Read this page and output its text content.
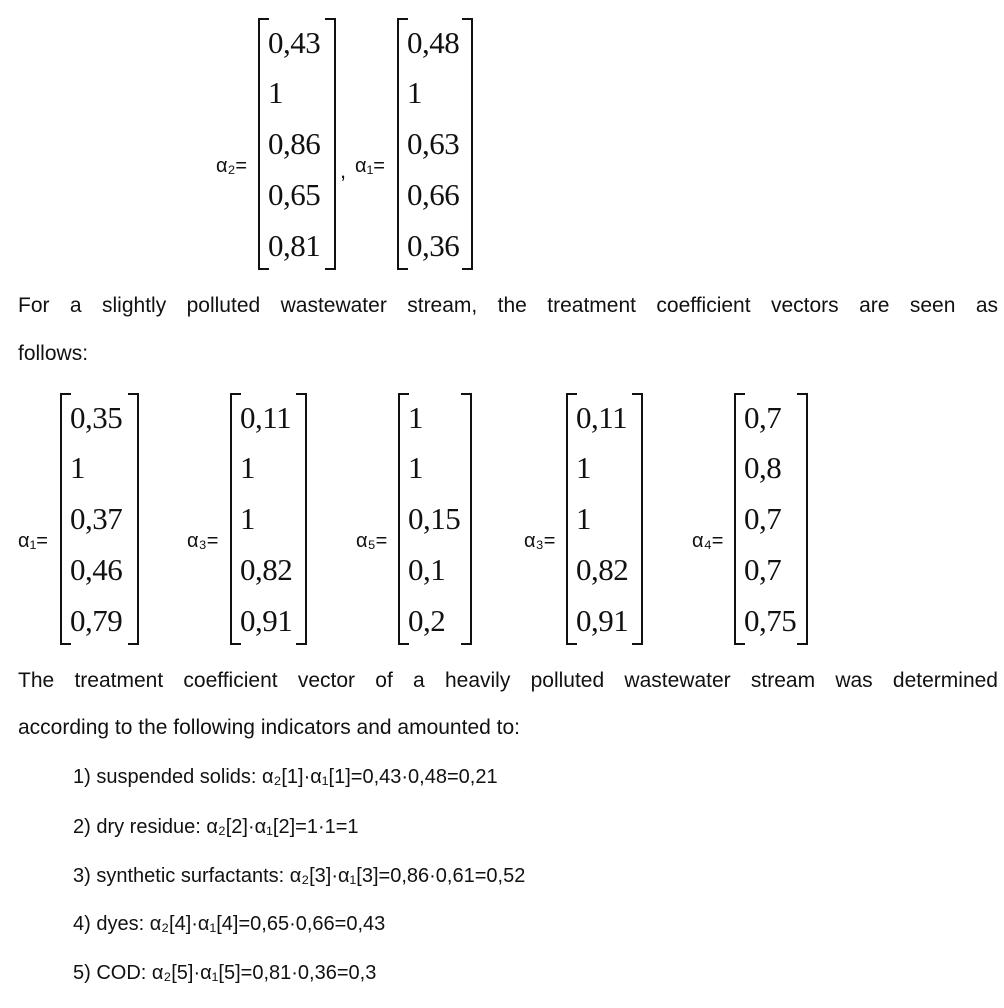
α₂=
0,43
1
0,86
0,65
0,81
, α₁=
0,48
1
0,63
0,66
0,36
For a slightly polluted wastewater stream, the treatment coefficient vectors are seen as
follows:
α₁=
0,35
1
0,37
0,46
0,79
α₃=
0,11
1
1
0,82
0,91
α₅=
1
1
0,15
0,1
0,2
α₃=
0,11
1
1
0,82
0,91
α₄=
0,7
0,8
0,7
0,7
0,75
The treatment coefficient vector of a heavily polluted wastewater stream was determined
according to the following indicators and amounted to:
1) suspended solids: α₂[1]·α₁[1]=0,43·0,48=0,21
2) dry residue: α₂[2]·α₁[2]=1·1=1
3) synthetic surfactants: α₂[3]·α₁[3]=0,86·0,61=0,52
4) dyes: α₂[4]·α₁[4]=0,65·0,66=0,43
5) COD: α₂[5]·α₁[5]=0,81·0,36=0,3
